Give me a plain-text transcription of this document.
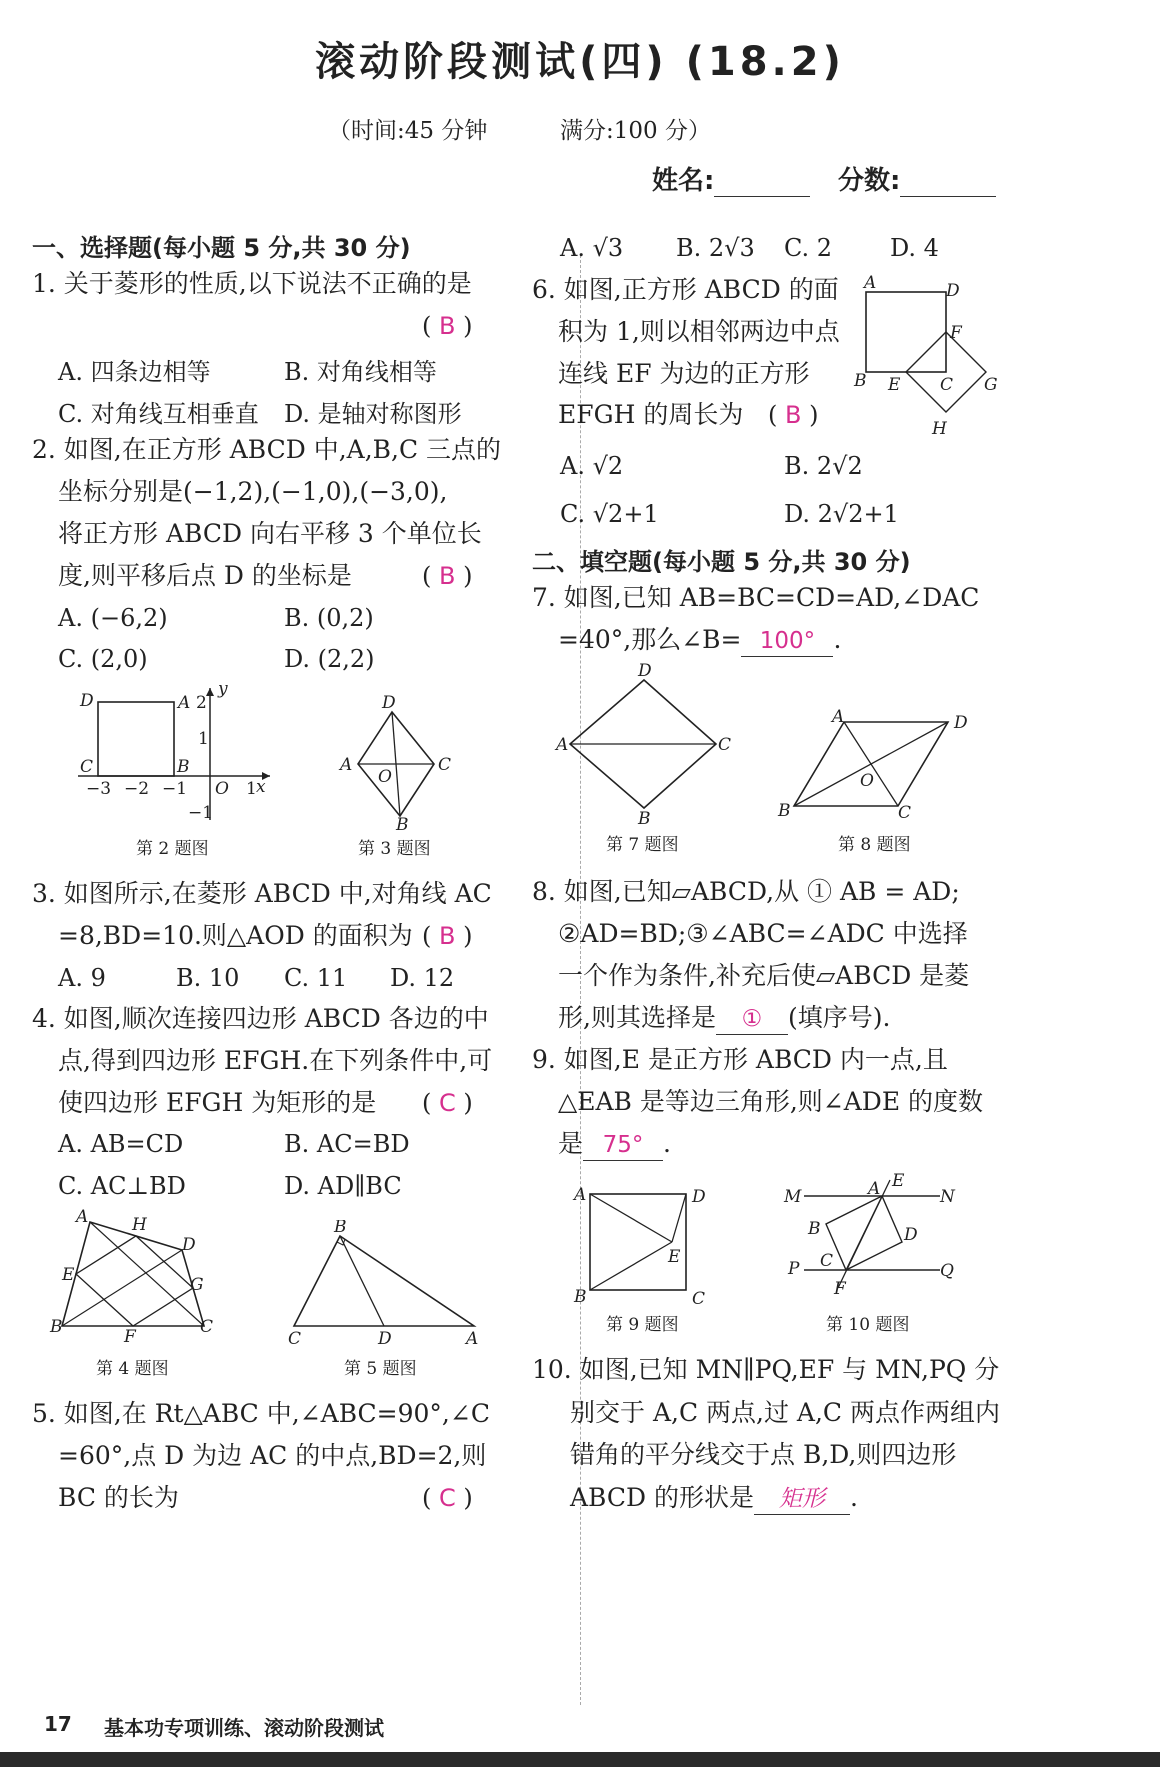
滚动阶段测试(四) (18.2)
（时间:45 分钟	满分:100 分）
姓名:	分数:
一、选择题(每小题 5 分,共 30 分)
1. 关于菱形的性质,以下说法不正确的是
( B )
A. 四条边相等	B. 对角线相等
C. 对角线互相垂直 D. 是轴对称图形
2. 如图,在正方形 ABCD 中,A,B,C 三点的
坐标分别是(−1,2),(−1,0),(−3,0),
将正方形 ABCD 向右平移 3 个单位长
度,则平移后点 D 的坐标是	( B )
A. (−6,2)	B. (0,2)
C. (2,0)	D. (2,2)
D	A
C	B
O x
y
−3 −2 −1	1
2
1
−1
第 2 题图
D
A	C
B
O
第 3 题图
3. 如图所示,在菱形 ABCD 中,对角线 AC
=8,BD=10.则△AOD 的面积为 ( B )
A. 9	B. 10 C. 11 D. 12
4. 如图,顺次连接四边形 ABCD 各边的中
点,得到四边形 EFGH.在下列条件中,可
使四边形 EFGH 为矩形的是 ( C )
A. AB=CD	B. AC=BD
C. AC⊥BD	D. AD∥BC
A	H
D
E	G
B	F	C
第 4 题图
B
C	D	A
第 5 题图
5. 如图,在 Rt△ABC 中,∠ABC=90°,∠C
=60°,点 D 为边 AC 的中点,BD=2,则
BC 的长为	( C )
A. √3 B. 2√3 C. 2 D. 4
6. 如图,正方形 ABCD 的面
积为 1,则以相邻两边中点
连线 EF 为边的正方形
EFGH 的周长为 ( B )
A	D
F
B E C G
H
A. √2	B. 2√2
C. √2+1	D. 2√2+1
二、填空题(每小题 5 分,共 30 分)
7. 如图,已知 AB=BC=CD=AD,∠DAC
=40°,那么∠B= 100° .
D
A	C
B
第 7 题图
A	D
O
B	C
第 8 题图
8. 如图,已知▱ABCD,从 ① AB = AD;
②AD=BD;③∠ABC=∠ADC 中选择
一个作为条件,补充后使▱ABCD 是菱
形,则其选择是 ① (填序号).
9. 如图,E 是正方形 ABCD 内一点,且
△EAB 是等边三角形,则∠ADE 的度数
是 75° .
A	D
E
B	C
第 9 题图
M	A E
N
B	D
P C	Q
F
第 10 题图
10. 如图,已知 MN∥PQ,EF 与 MN,PQ 分
别交于 A,C 两点,过 A,C 两点作两组内
错角的平分线交于点 B,D,则四边形
ABCD 的形状是 矩形 .
17 基本功专项训练、滚动阶段测试
